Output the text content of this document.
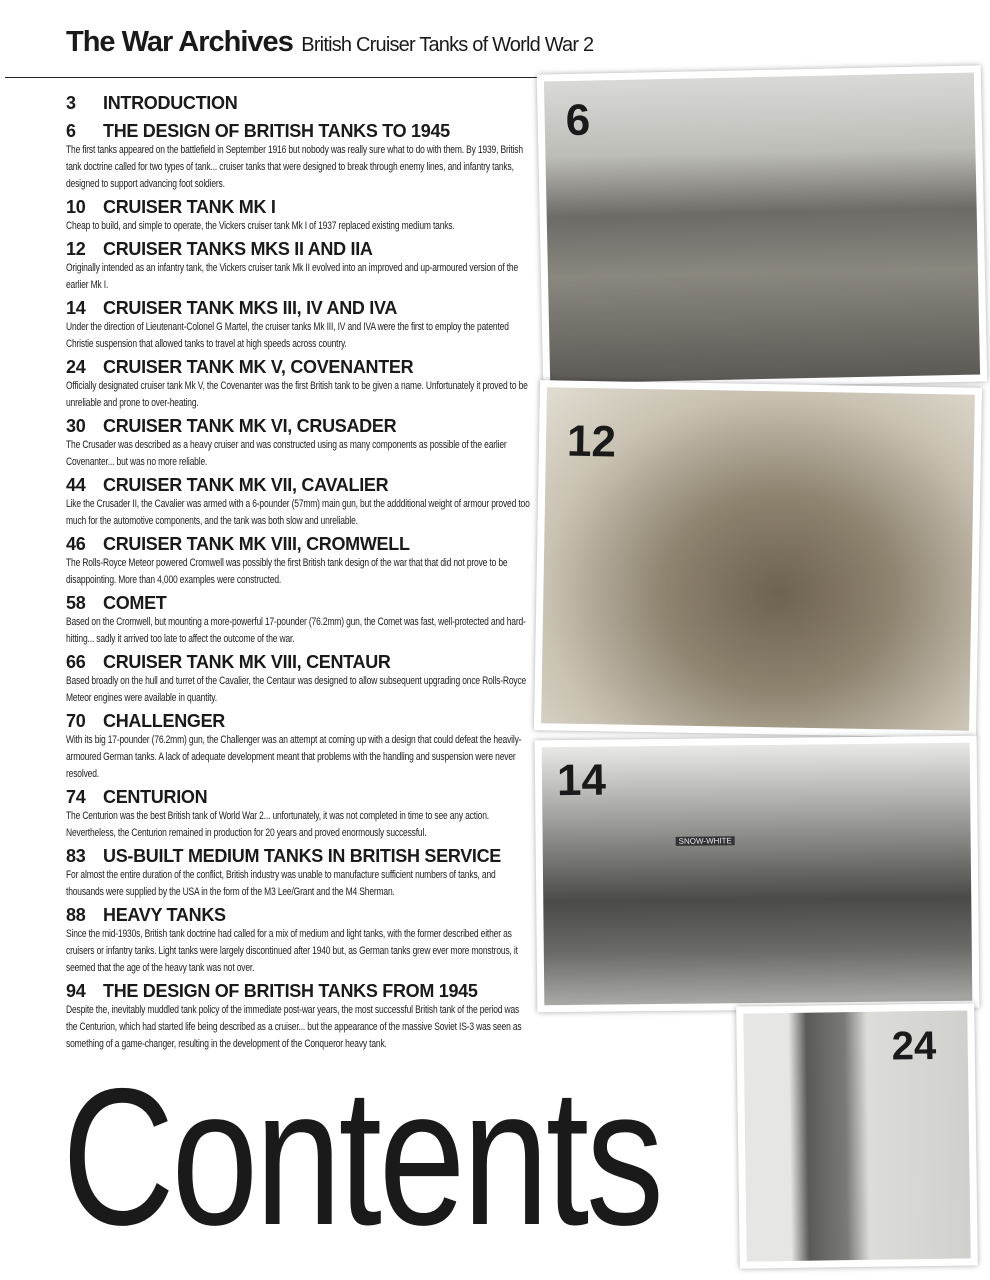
The War Archives British Cruiser Tanks of World War 2
3 INTRODUCTION
6 THE DESIGN OF BRITISH TANKS TO 1945

The first tanks appeared on the battlefield in September 1916 but nobody was really sure what to do with them. By 1939, British tank doctrine called for two types of tank... cruiser tanks that were designed to break through enemy lines, and infantry tanks, designed to support advancing foot soldiers.

10 CRUISER TANK MK I

Cheap to build, and simple to operate, the Vickers cruiser tank Mk I of 1937 replaced existing medium tanks.

12 CRUISER TANKS MKS II AND IIA

Originally intended as an infantry tank, the Vickers cruiser tank Mk II evolved into an improved and up-armoured version of the earlier Mk I.

14 CRUISER TANK MKS III, IV AND IVA

Under the direction of Lieutenant-Colonel G Martel, the cruiser tanks Mk III, IV and IVA were the first to employ the patented Christie suspension that allowed tanks to travel at high speeds across country.

24 CRUISER TANK MK V, COVENANTER

Officially designated cruiser tank Mk V, the Covenanter was the first British tank to be given a name. Unfortunately it proved to be unreliable and prone to over-heating.

30 CRUISER TANK MK VI, CRUSADER

The Crusader was described as a heavy cruiser and was constructed using as many components as possible of the earlier Covenanter... but was no more reliable.

44 CRUISER TANK MK VII, CAVALIER

Like the Crusader II, the Cavalier was armed with a 6-pounder (57mm) main gun, but the addditional weight of armour proved too much for the automotive components, and the tank was both slow and unreliable.

46 CRUISER TANK MK VIII, CROMWELL

The Rolls-Royce Meteor powered Cromwell was possibly the first British tank design of the war that that did not prove to be disappointing. More than 4,000 examples were constructed.

58 COMET

Based on the Cromwell, but mounting a more-powerful 17-pounder (76.2mm) gun, the Comet was fast, well-protected and hard-hitting... sadly it arrived too late to affect the outcome of the war.

66 CRUISER TANK MK VIII, CENTAUR

Based broadly on the hull and turret of the Cavalier, the Centaur was designed to allow subsequent upgrading once Rolls-Royce Meteor engines were available in quantity.

70 CHALLENGER

With its big 17-pounder (76.2mm) gun, the Challenger was an attempt at coming up with a design that could defeat the heavily-armoured German tanks. A lack of adequate development meant that problems with the handling and suspension were never resolved.

74 CENTURION

The Centurion was the best British tank of World War 2... unfortunately, it was not completed in time to see any action. Nevertheless, the Centurion remained in production for 20 years and proved enormously successful.

83 US-BUILT MEDIUM TANKS IN BRITISH SERVICE

For almost the entire duration of the conflict, British industry was unable to manufacture sufficient numbers of tanks, and thousands were supplied by the USA in the form of the M3 Lee/Grant and the M4 Sherman.

88 HEAVY TANKS

Since the mid-1930s, British tank doctrine had called for a mix of medium and light tanks, with the former described either as cruisers or infantry tanks. Light tanks were largely discontinued after 1940 but, as German tanks grew ever more monstrous, it seemed that the age of the heavy tank was not over.

94 THE DESIGN OF BRITISH TANKS FROM 1945

Despite the, inevitably muddled tank policy of the immediate post-war years, the most successful British tank of the period was the Centurion, which had started life being described as a cruiser... but the appearance of the massive Soviet IS-3 was seen as something of a game-changer, resulting in the development of the Conqueror heavy tank.

6
12
14
SNOW-WHITE
24
Contents
